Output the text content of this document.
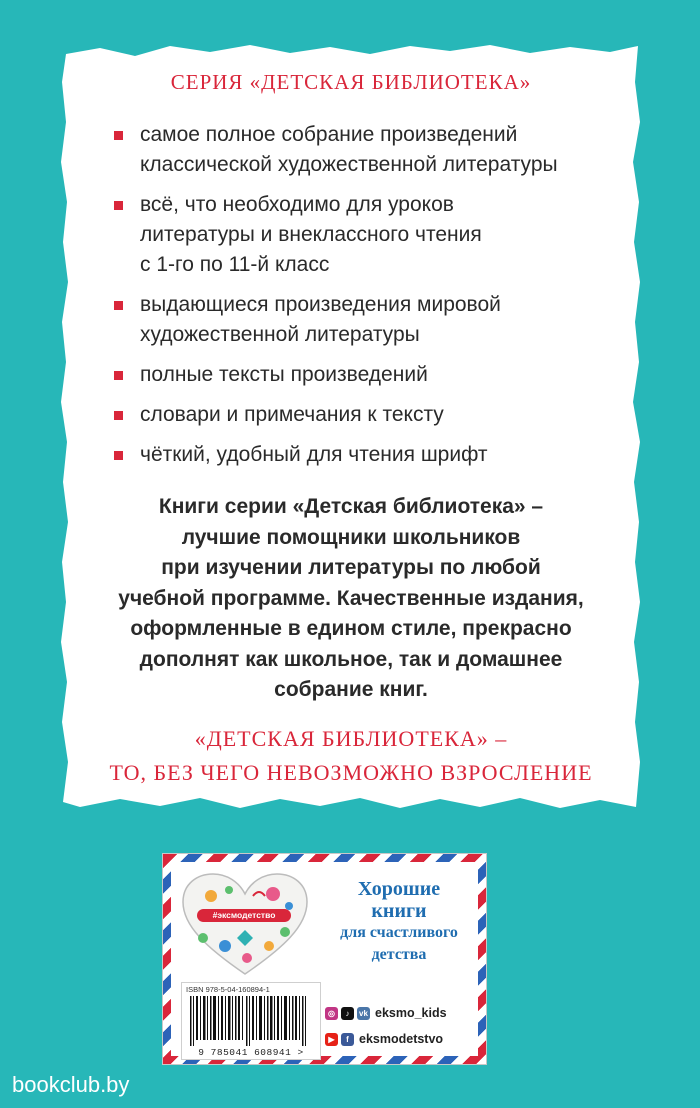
СЕРИЯ «ДЕТСКАЯ БИБЛИОТЕКА»
самое полное собрание произведений
классической художественной литературы
всё, что необходимо для уроков
литературы и внеклассного чтения
с 1-го по 11-й класс
выдающиеся произведения мировой
художественной литературы
полные тексты произведений
словари и примечания к тексту
чёткий, удобный для чтения шрифт
Книги серии «Детская библиотека» –
лучшие помощники школьников
при изучении литературы по любой
учебной программе. Качественные издания,
оформленные в едином стиле, прекрасно
дополнят как школьное, так и домашнее
собрание книг.
«ДЕТСКАЯ БИБЛИОТЕКА» –
ТО, БЕЗ ЧЕГО НЕВОЗМОЖНО ВЗРОСЛЕНИЕ
#эксмодетство
Хорошие
книги
для счастливого
детства
ISBN 978-5-04-160894-1
9 785041 608941 >
◎	♪	vk eksmo_kids
▶	f eksmodetstvo
bookclub.by
